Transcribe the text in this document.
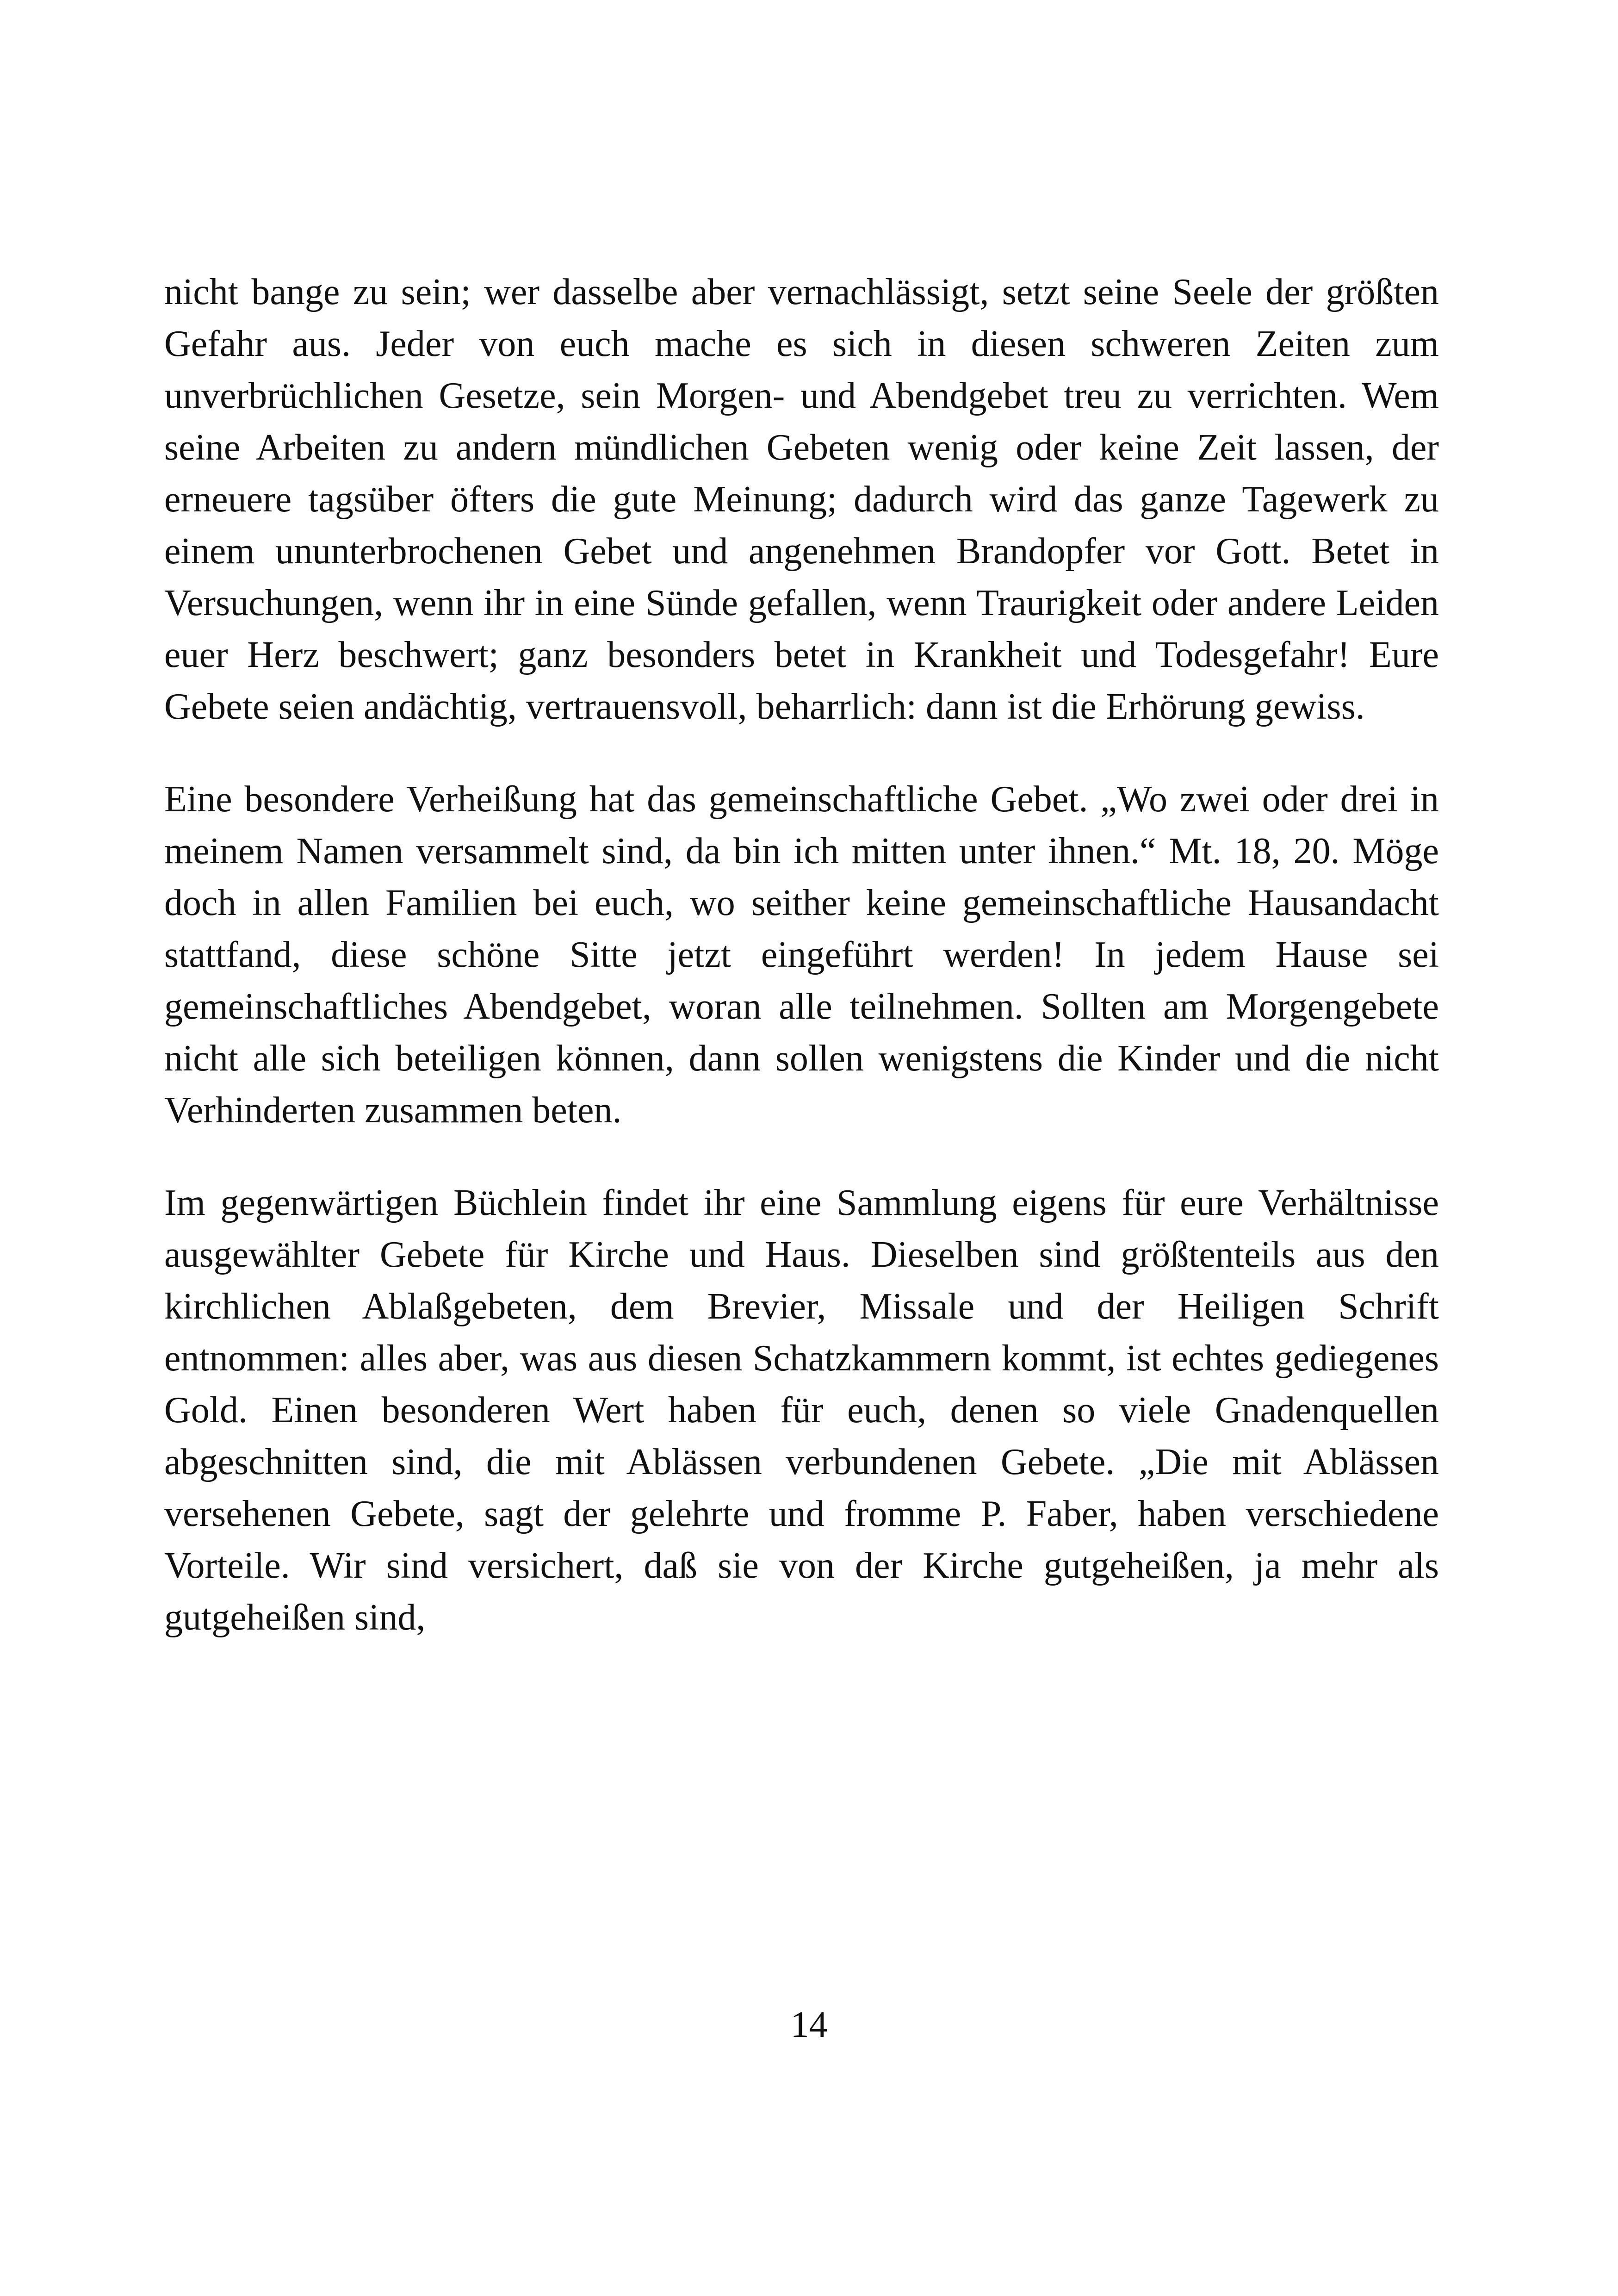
nicht bange zu sein; wer dasselbe aber vernachlässigt, setzt seine Seele der größten Gefahr aus. Jeder von euch mache es sich in diesen schweren Zeiten zum unverbrüchlichen Gesetze, sein Morgen- und Abendgebet treu zu verrichten. Wem seine Arbeiten zu andern mündlichen Gebeten wenig oder keine Zeit lassen, der erneuere tagsüber öfters die gute Meinung; dadurch wird das ganze Tagewerk zu einem ununterbrochenen Gebet und angenehmen Brandopfer vor Gott. Betet in Versuchungen, wenn ihr in eine Sünde gefallen, wenn Traurigkeit oder andere Leiden euer Herz beschwert; ganz besonders betet in Krankheit und Todesgefahr! Eure Gebete seien andächtig, vertrauensvoll, beharrlich: dann ist die Erhörung gewiss.

Eine besondere Verheißung hat das gemeinschaftliche Gebet. „Wo zwei oder drei in meinem Namen versammelt sind, da bin ich mitten unter ihnen.“ Mt. 18, 20. Möge doch in allen Familien bei euch, wo seither keine gemeinschaftliche Hausandacht stattfand, diese schöne Sitte jetzt eingeführt werden! In jedem Hause sei gemeinschaftliches Abendgebet, woran alle teilnehmen. Sollten am Morgengebete nicht alle sich beteiligen können, dann sollen wenigstens die Kinder und die nicht Verhinderten zusammen beten.

Im gegenwärtigen Büchlein findet ihr eine Sammlung eigens für eure Verhältnisse ausgewählter Gebete für Kirche und Haus. Dieselben sind größtenteils aus den kirchlichen Ablaßgebeten, dem Brevier, Missale und der Heiligen Schrift entnommen: alles aber, was aus diesen Schatzkammern kommt, ist echtes gediegenes Gold. Einen besonderen Wert haben für euch, denen so viele Gnadenquellen abgeschnitten sind, die mit Ablässen verbundenen Gebete. „Die mit Ablässen versehenen Gebete, sagt der gelehrte und fromme P. Faber, haben verschiedene Vorteile. Wir sind versichert, daß sie von der Kirche gutgeheißen, ja mehr als gutgeheißen sind,

14
